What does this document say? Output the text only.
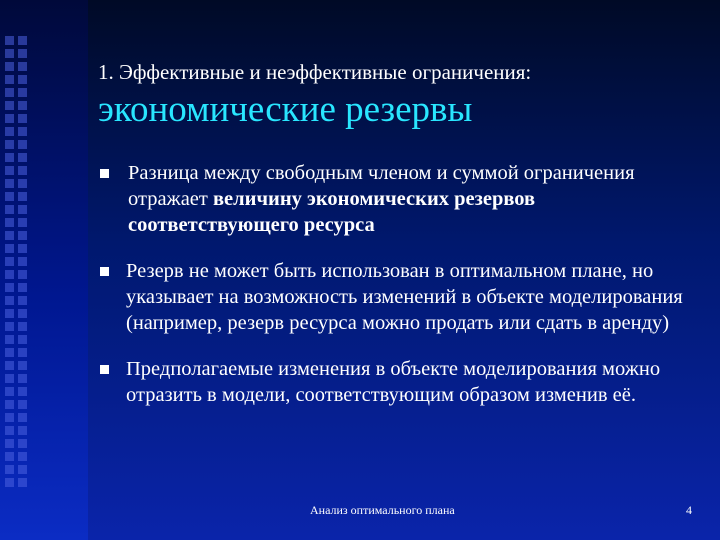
1. Эффективные и неэффективные ограничения:
экономические резервы
Разница между свободным членом и суммой ограничения отражает величину экономических резервов соответствующего ресурса
Резерв не может быть использован в оптимальном плане, но указывает на возможность изменений в объекте моделирования (например, резерв ресурса можно продать или сдать в аренду)
Предполагаемые изменения в объекте моделирования можно отразить в модели, соответствующим образом изменив её.
Анализ оптимального плана	4
